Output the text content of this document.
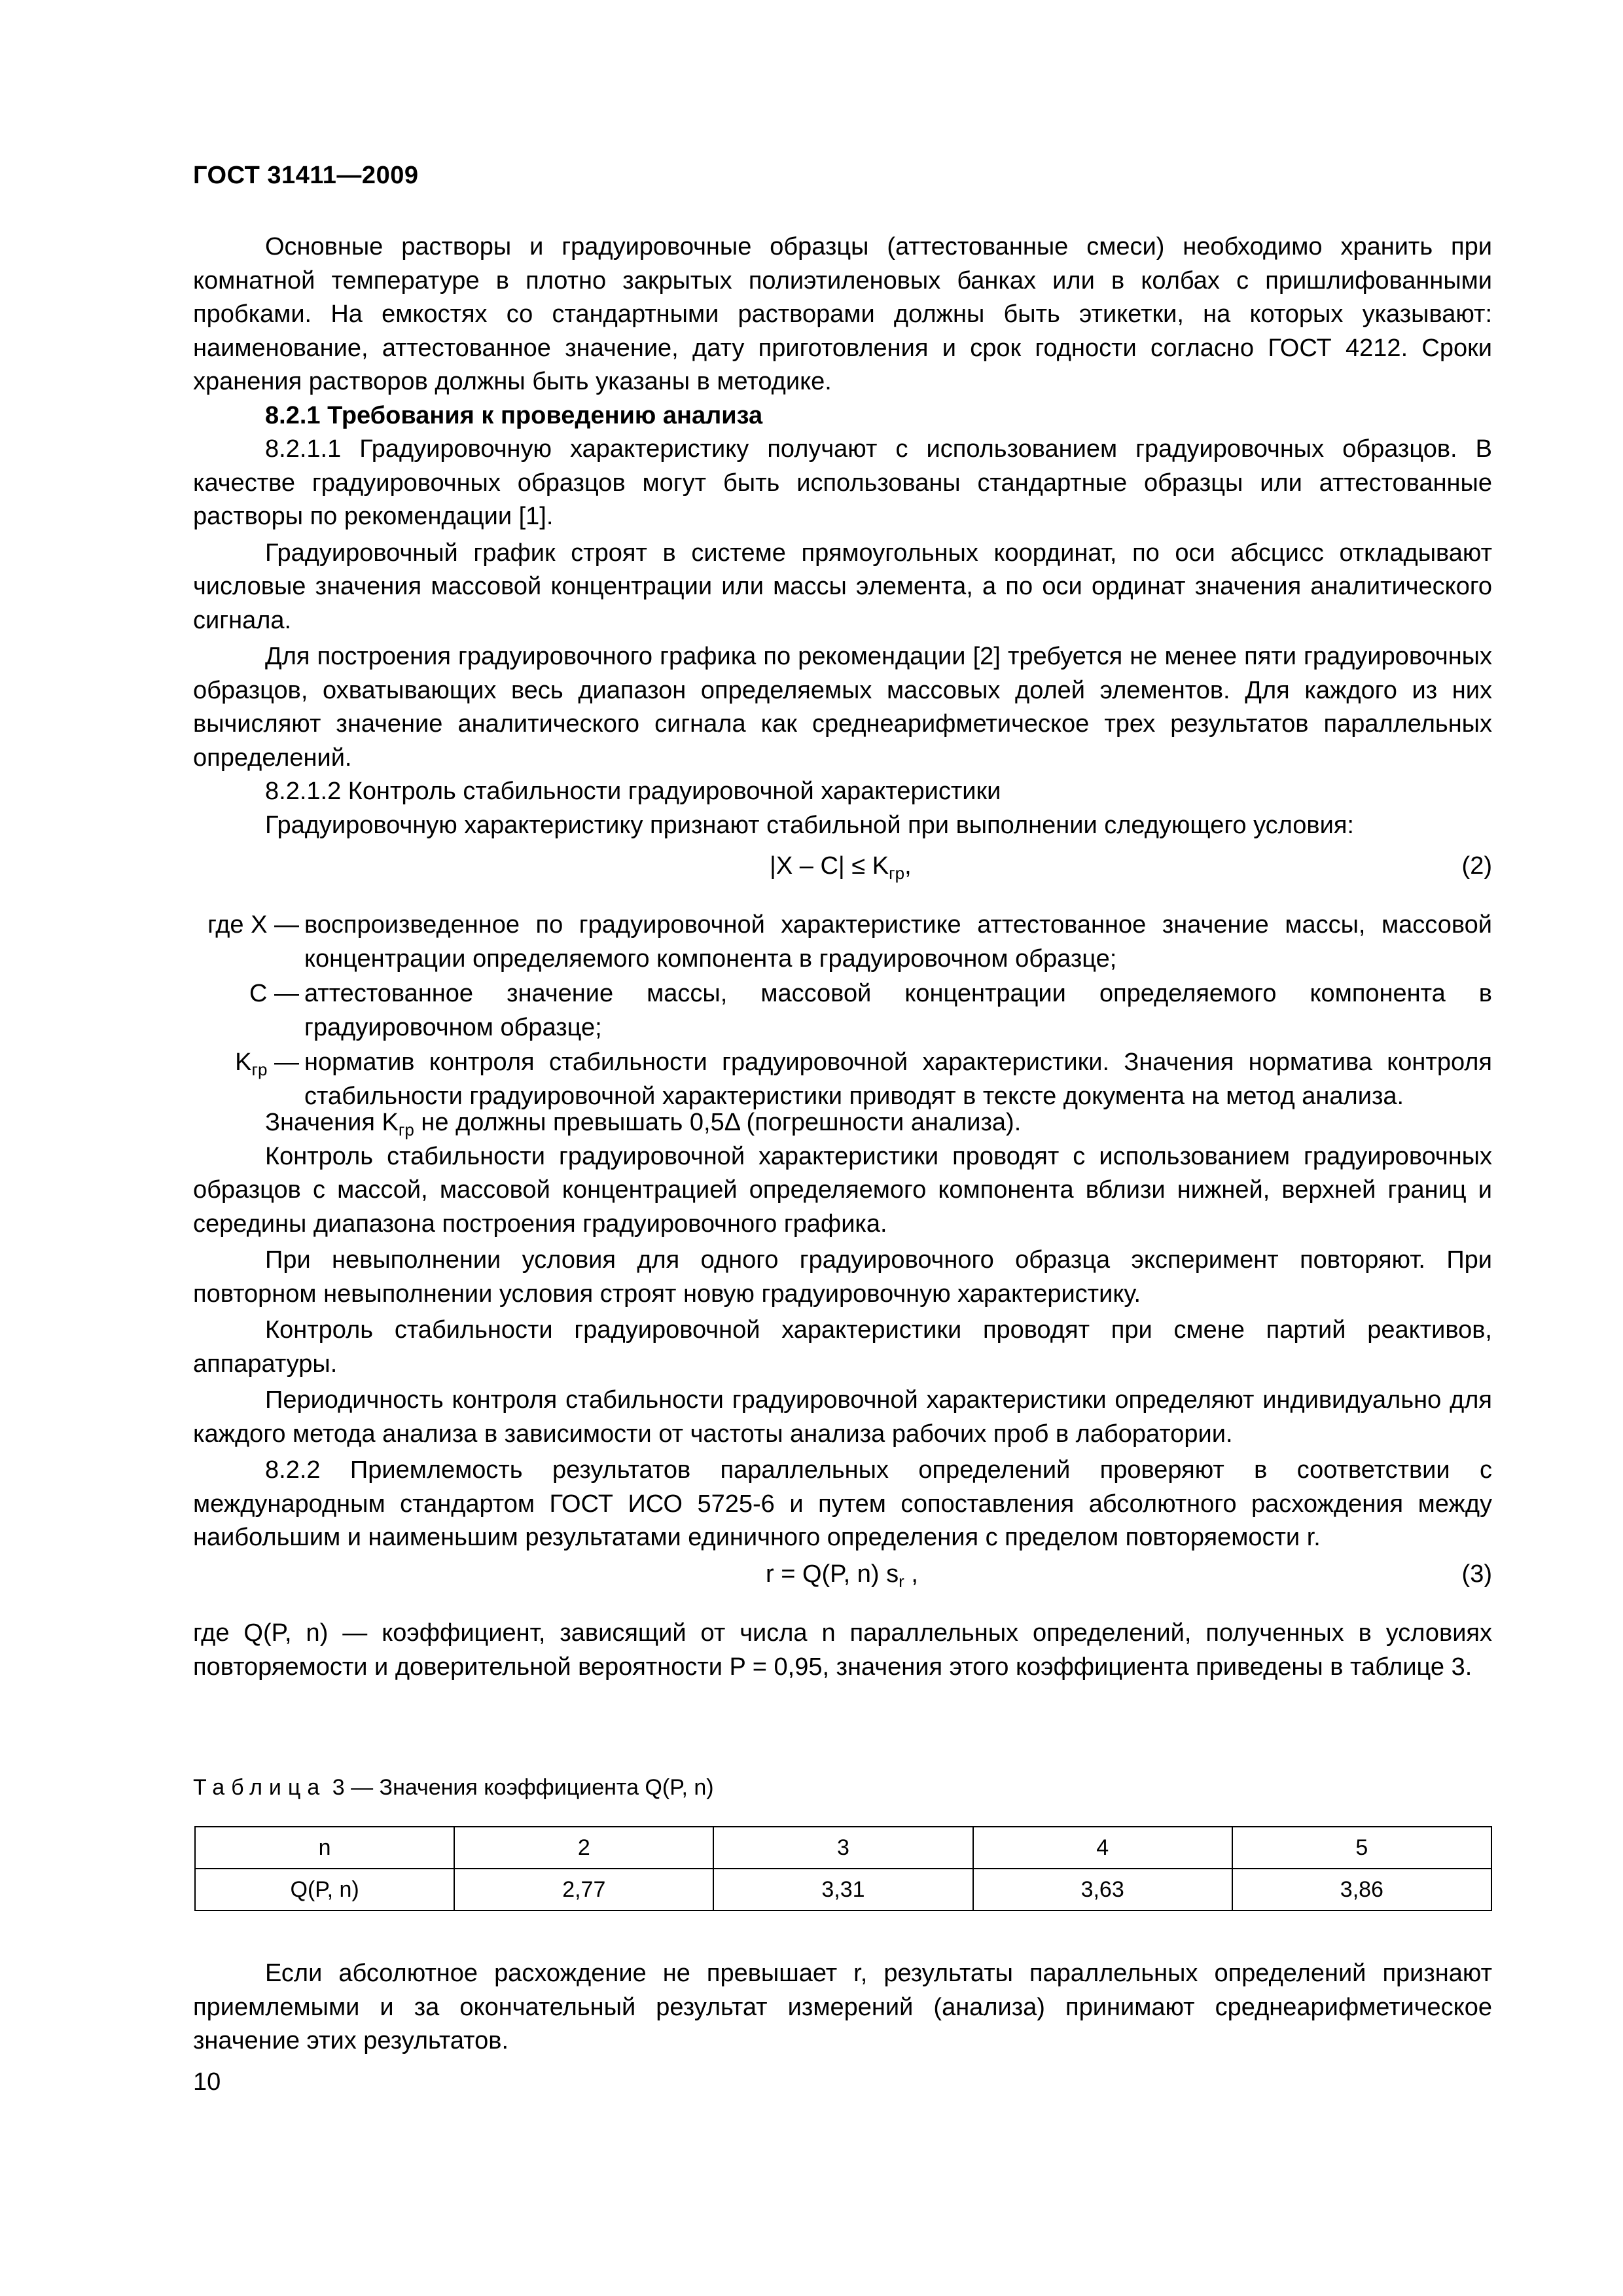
ГОСТ 31411—2009

Основные растворы и градуировочные образцы (аттестованные смеси) необходимо хранить при комнатной температуре в плотно закрытых полиэтиленовых банках или в колбах с пришлифованными пробками. На емкостях со стандартными растворами должны быть этикетки, на которых указывают: наименование, аттестованное значение, дату приготовления и срок годности согласно ГОСТ 4212. Сроки хранения растворов должны быть указаны в методике.

8.2.1 Требования к проведению анализа

8.2.1.1 Градуировочную характеристику получают с использованием градуировочных образцов. В качестве градуировочных образцов могут быть использованы стандартные образцы или аттестованные растворы по рекомендации [1].

Градуировочный график строят в системе прямоугольных координат, по оси абсцисс откладывают числовые значения массовой концентрации или массы элемента, а по оси ординат значения аналитического сигнала.

Для построения градуировочного графика по рекомендации [2] требуется не менее пяти градуировочных образцов, охватывающих весь диапазон определяемых массовых долей элементов. Для каждого из них вычисляют значение аналитического сигнала как среднеарифметическое трех результатов параллельных определений.

8.2.1.2 Контроль стабильности градуировочной характеристики

Градуировочную характеристику признают стабильной при выполнении следующего условия:

$|X - C| \le K_{гр}$,	(2)
где X — воспроизведенное по градуировочной характеристике аттестованное значение массы, массовой концентрации определяемого компонента в градуировочном образце;
C — аттестованное значение массы, массовой концентрации определяемого компонента в градуировочном образце;
$K_{гр}$ — норматив контроля стабильности градуировочной характеристики. Значения норматива контроля стабильности градуировочной характеристики приводят в тексте документа на метод анализа.

Значения $K_{гр}$ не должны превышать 0,5Δ (погрешности анализа).

Контроль стабильности градуировочной характеристики проводят с использованием градуировочных образцов с массой, массовой концентрацией определяемого компонента вблизи нижней, верхней границ и середины диапазона построения градуировочного графика.

При невыполнении условия для одного градуировочного образца эксперимент повторяют. При повторном невыполнении условия строят новую градуировочную характеристику.

Контроль стабильности градуировочной характеристики проводят при смене партий реактивов, аппаратуры.

Периодичность контроля стабильности градуировочной характеристики определяют индивидуально для каждого метода анализа в зависимости от частоты анализа рабочих проб в лаборатории.

8.2.2 Приемлемость результатов параллельных определений проверяют в соответствии с международным стандартом ГОСТ ИСО 5725-6 и путем сопоставления абсолютного расхождения между наибольшим и наименьшим результатами единичного определения с пределом повторяемости r.

r = Q(P, n) $s_r$ ,	(3)

где Q(P, n) — коэффициент, зависящий от числа n параллельных определений, полученных в условиях повторяемости и доверительной вероятности P = 0,95, значения этого коэффициента приведены в таблице 3.

Таблица 3 — Значения коэффициента Q(P, n)
n	2	3	4	5
Q(P, n)	2,77	3,31	3,63	3,86

Если абсолютное расхождение не превышает r, результаты параллельных определений признают приемлемыми и за окончательный результат измерений (анализа) принимают среднеарифметическое значение этих результатов.

10
